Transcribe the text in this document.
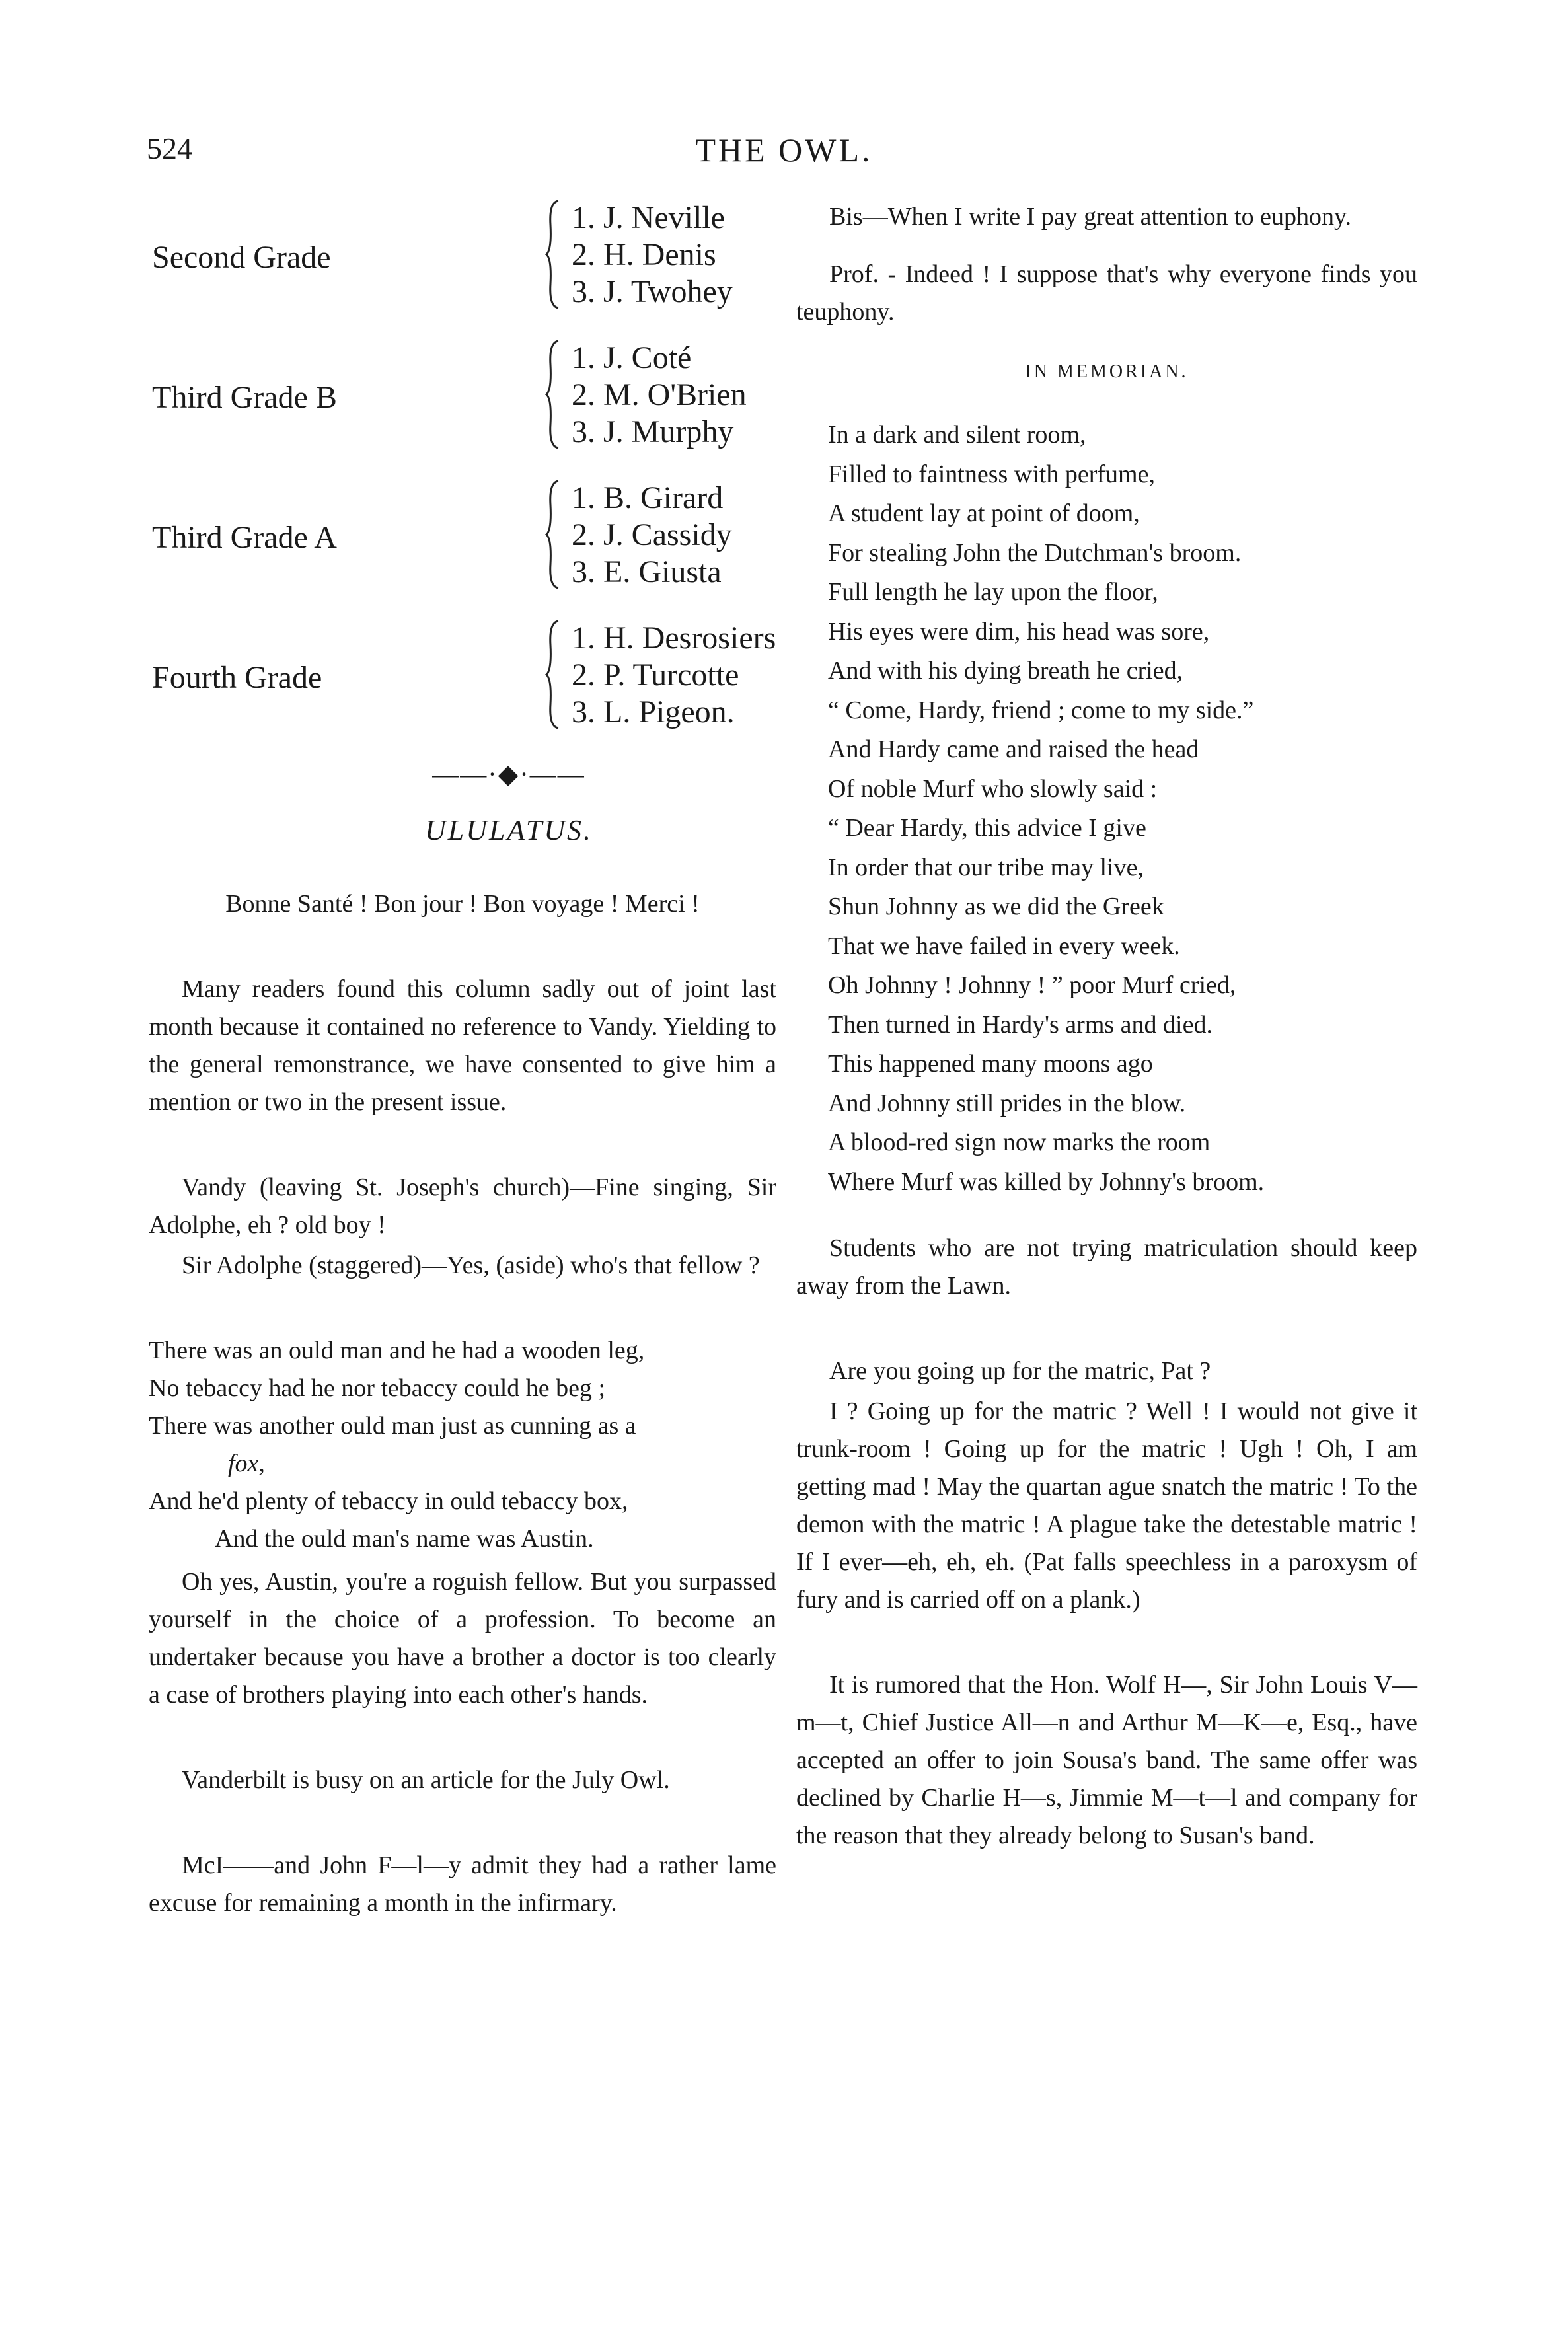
524	THE OWL.
Second Grade
1. J. Neville
2. H. Denis
3. J. Twohey
Third Grade B
1. J. Coté
2. M. O'Brien
3. J. Murphy
Third Grade A
1. B. Girard
2. J. Cassidy
3. E. Giusta
Fourth Grade
1. H. Desrosiers
2. P. Turcotte
3. L. Pigeon.
——·◆·——
ULULATUS.

Bonne Santé ! Bon jour ! Bon voyage ! Merci !

Many readers found this column sadly out of joint last month because it contained no reference to Vandy. Yielding to the general remonstrance, we have consented to give him a mention or two in the present issue.

Vandy (leaving St. Joseph's church)—Fine singing, Sir Adolphe, eh ? old boy !

Sir Adolphe (staggered)—Yes, (aside) who's that fellow ?

There was an ould man and he had a wooden leg,
No tebaccy had he nor tebaccy could he beg ;
There was another ould man just as cunning as a
fox,
And he'd plenty of tebaccy in ould tebaccy box,
And the ould man's name was Austin.

Oh yes, Austin, you're a roguish fellow. But you surpassed yourself in the choice of a profession. To become an undertaker because you have a brother a doctor is too clearly a case of brothers playing into each other's hands.

Vanderbilt is busy on an article for the July Owl.

McI——and John F––l––y admit they had a rather lame excuse for remaining a month in the infirmary.

Bis—When I write I pay great attention to euphony.

Prof. - Indeed ! I suppose that's why everyone finds you teuphony.

IN MEMORIAN.
In a dark and silent room,
Filled to faintness with perfume,
A student lay at point of doom,
For stealing John the Dutchman's broom.
Full length he lay upon the floor,
His eyes were dim, his head was sore,
And with his dying breath he cried,
“ Come, Hardy, friend ; come to my side.”
And Hardy came and raised the head
Of noble Murf who slowly said :
“ Dear Hardy, this advice I give
In order that our tribe may live,
Shun Johnny as we did the Greek
That we have failed in every week.
Oh Johnny ! Johnny ! ” poor Murf cried,
Then turned in Hardy's arms and died.
This happened many moons ago
And Johnny still prides in the blow.
A blood-red sign now marks the room
Where Murf was killed by Johnny's broom.

Students who are not trying matriculation should keep away from the Lawn.

Are you going up for the matric, Pat ?

I ? Going up for the matric ? Well ! I would not give it trunk-room ! Going up for the matric ! Ugh ! Oh, I am getting mad ! May the quartan ague snatch the matric ! To the demon with the matric ! A plague take the detestable matric ! If I ever—eh, eh, eh. (Pat falls speechless in a paroxysm of fury and is carried off on a plank.)

It is rumored that the Hon. Wolf H—, Sir John Louis V—m—t, Chief Justice All—n and Arthur M—K—e, Esq., have accepted an offer to join Sousa's band. The same offer was declined by Charlie H—s, Jimmie M—t—l and company for the reason that they already belong to Susan's band.
